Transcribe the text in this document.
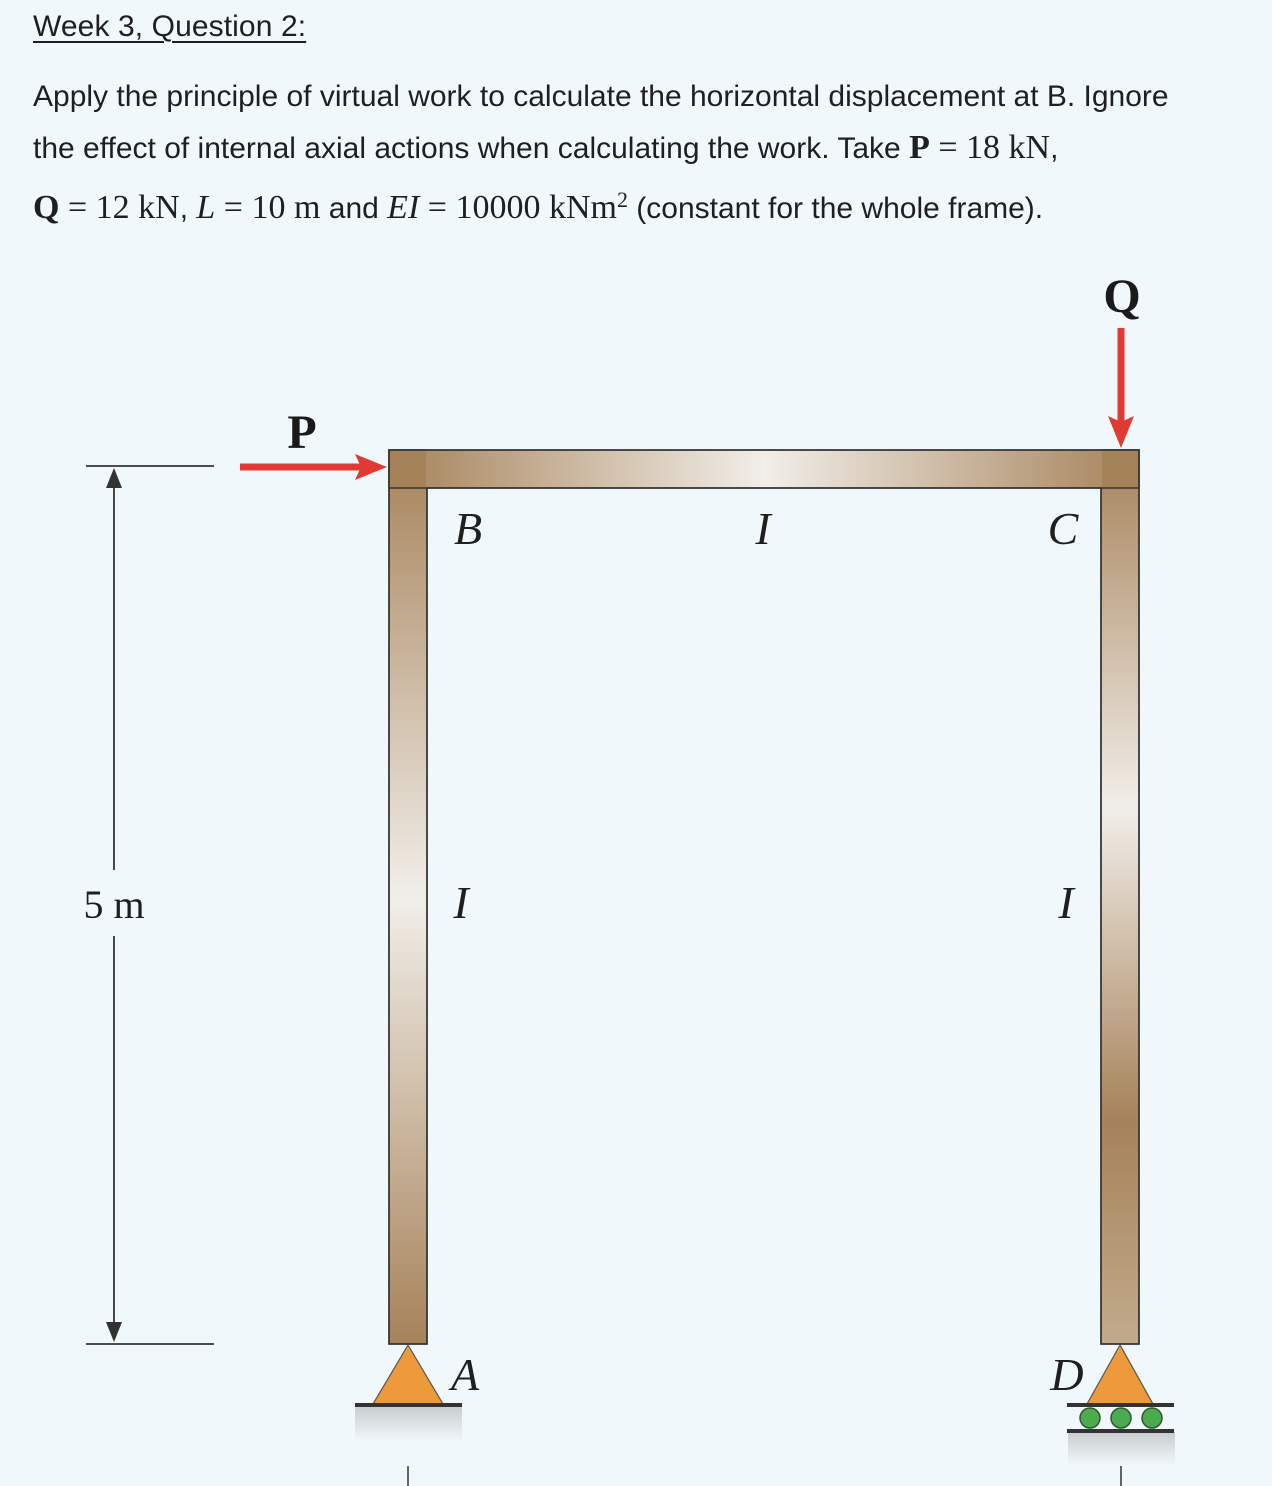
Week 3, Question 2:
Apply the principle of virtual work to calculate the horizontal displacement at B. Ignore
the effect of internal axial actions when calculating the work. Take P = 18 kN,
Q = 12 kN, L = 10 m and EI = 10000 kNm$^2$ (constant for the whole frame).
5 m
P
Q
B	I	C
I	I
A	D
